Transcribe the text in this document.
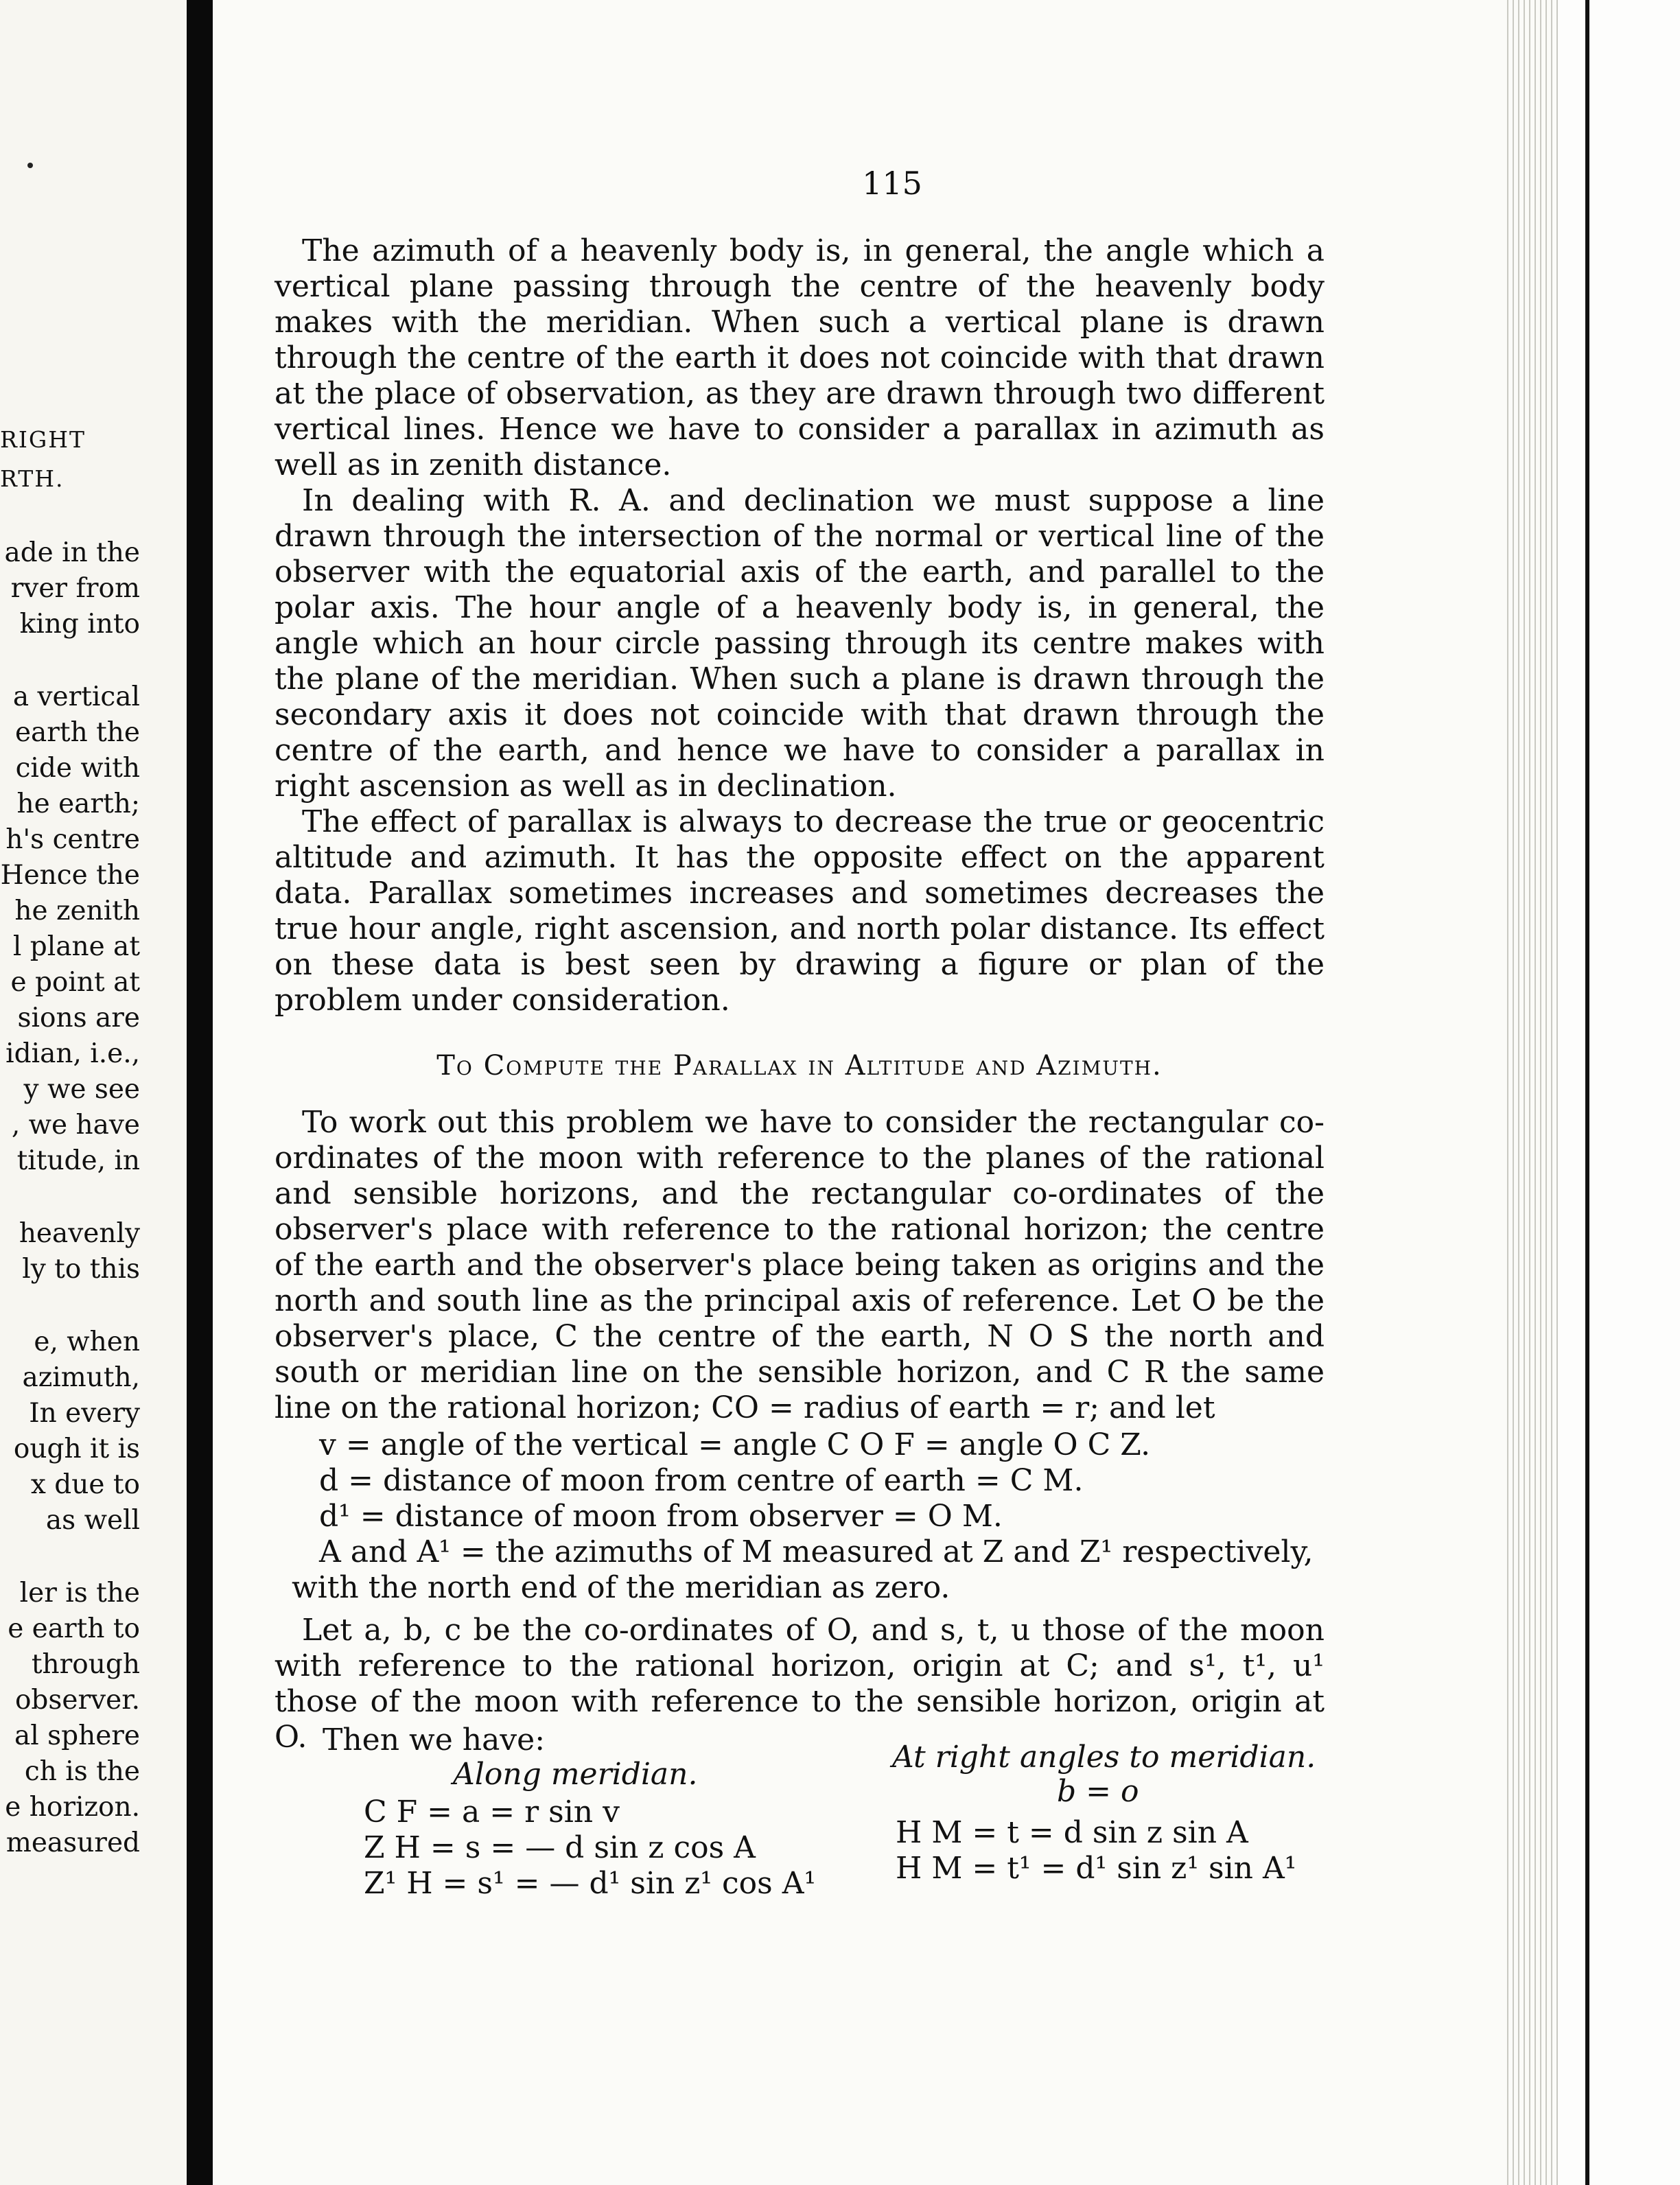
RIGHT
RTH.
ade in the
rver from
king into
a vertical
earth the
cide with
he earth;
h's centre
Hence the
he zenith
l plane at
e point at
sions are
idian, i.e.,
y we see
, we have
titude, in
heavenly
ly to this
e, when
azimuth,
In every
ough it is
x due to
as well
ler is the
e earth to
through
observer.
al sphere
ch is the
e horizon.
measured
115

The azimuth of a heavenly body is, in general, the angle which a vertical plane passing through the centre of the heavenly body makes with the meridian. When such a vertical plane is drawn through the centre of the earth it does not coincide with that drawn at the place of observation, as they are drawn through two different vertical lines. Hence we have to consider a parallax in azimuth as well as in zenith distance.

In dealing with R. A. and declination we must suppose a line drawn through the intersection of the normal or vertical line of the observer with the equatorial axis of the earth, and parallel to the polar axis. The hour angle of a heavenly body is, in general, the angle which an hour circle passing through its centre makes with the plane of the meridian. When such a plane is drawn through the secondary axis it does not coincide with that drawn through the centre of the earth, and hence we have to consider a parallax in right ascension as well as in declination.

The effect of parallax is always to decrease the true or geocentric altitude and azimuth. It has the opposite effect on the apparent data. Parallax sometimes increases and sometimes decreases the true hour angle, right ascension, and north polar distance. Its effect on these data is best seen by drawing a figure or plan of the problem under consideration.

To Compute the Parallax in Altitude and Azimuth.

To work out this problem we have to consider the rectangular co-ordinates of the moon with reference to the planes of the rational and sensible horizons, and the rectangular co-ordinates of the observer's place with reference to the rational horizon; the centre of the earth and the observer's place being taken as origins and the north and south line as the principal axis of reference. Let O be the observer's place, C the centre of the earth, N O S the north and south or meridian line on the sensible horizon, and C R the same line on the rational horizon; CO = radius of earth = r; and let

v = angle of the vertical = angle C O F = angle O C Z.
d = distance of moon from centre of earth = C M.
d¹ = distance of moon from observer = O M.
A and A¹ = the azimuths of M measured at Z and Z¹ respectively,
with the north end of the meridian as zero.

Let a, b, c be the co-ordinates of O, and s, t, u those of the moon with reference to the rational horizon, origin at C; and s¹, t¹, u¹ those of the moon with reference to the sensible horizon, origin at O. Then we have:
Along meridian.	At right angles to meridian.
b = o
C F = a = r sin v
Z H = s = — d sin z cos A
Z¹ H = s¹ = — d¹ sin z¹ cos A¹
H M = t = d sin z sin A
H M = t¹ = d¹ sin z¹ sin A¹
